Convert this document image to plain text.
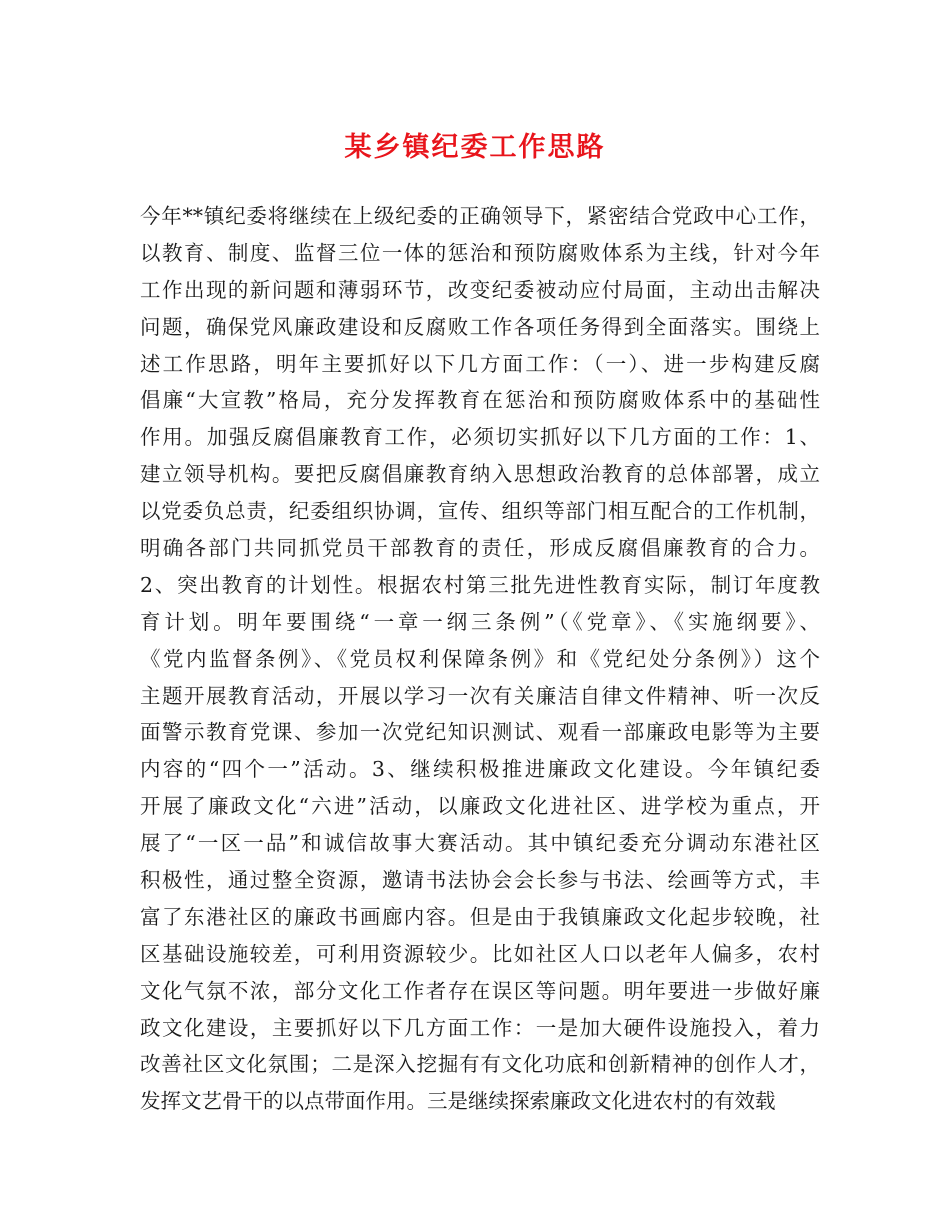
某乡镇纪委工作思路
今年**镇纪委将继续在上级纪委的正确领导下，紧密结合党政中心工作，
以教育、制度、监督三位一体的惩治和预防腐败体系为主线，针对今年
工作出现的新问题和薄弱环节，改变纪委被动应付局面，主动出击解决
问题，确保党风廉政建设和反腐败工作各项任务得到全面落实。围绕上
述工作思路，明年主要抓好以下几方面工作：（一）、进一步构建反腐
倡廉“大宣教”格局，充分发挥教育在惩治和预防腐败体系中的基础性
作用。加强反腐倡廉教育工作，必须切实抓好以下几方面的工作：1、
建立领导机构。要把反腐倡廉教育纳入思想政治教育的总体部署，成立
以党委负总责，纪委组织协调，宣传、组织等部门相互配合的工作机制，
明确各部门共同抓党员干部教育的责任，形成反腐倡廉教育的合力。
2、突出教育的计划性。根据农村第三批先进性教育实际，制订年度教
育计划。明年要围绕“一章一纲三条例”（《党章》、《实施纲要》、
《党内监督条例》、《党员权利保障条例》和《党纪处分条例》）这个
主题开展教育活动，开展以学习一次有关廉洁自律文件精神、听一次反
面警示教育党课、参加一次党纪知识测试、观看一部廉政电影等为主要
内容的“四个一”活动。3、继续积极推进廉政文化建设。今年镇纪委
开展了廉政文化“六进”活动，以廉政文化进社区、进学校为重点，开
展了“一区一品”和诚信故事大赛活动。其中镇纪委充分调动东港社区
积极性，通过整全资源，邀请书法协会会长参与书法、绘画等方式，丰
富了东港社区的廉政书画廊内容。但是由于我镇廉政文化起步较晚，社
区基础设施较差，可利用资源较少。比如社区人口以老年人偏多，农村
文化气氛不浓，部分文化工作者存在误区等问题。明年要进一步做好廉
政文化建设，主要抓好以下几方面工作：一是加大硬件设施投入，着力
改善社区文化氛围；二是深入挖掘有有文化功底和创新精神的创作人才，
发挥文艺骨干的以点带面作用。三是继续探索廉政文化进农村的有效载
